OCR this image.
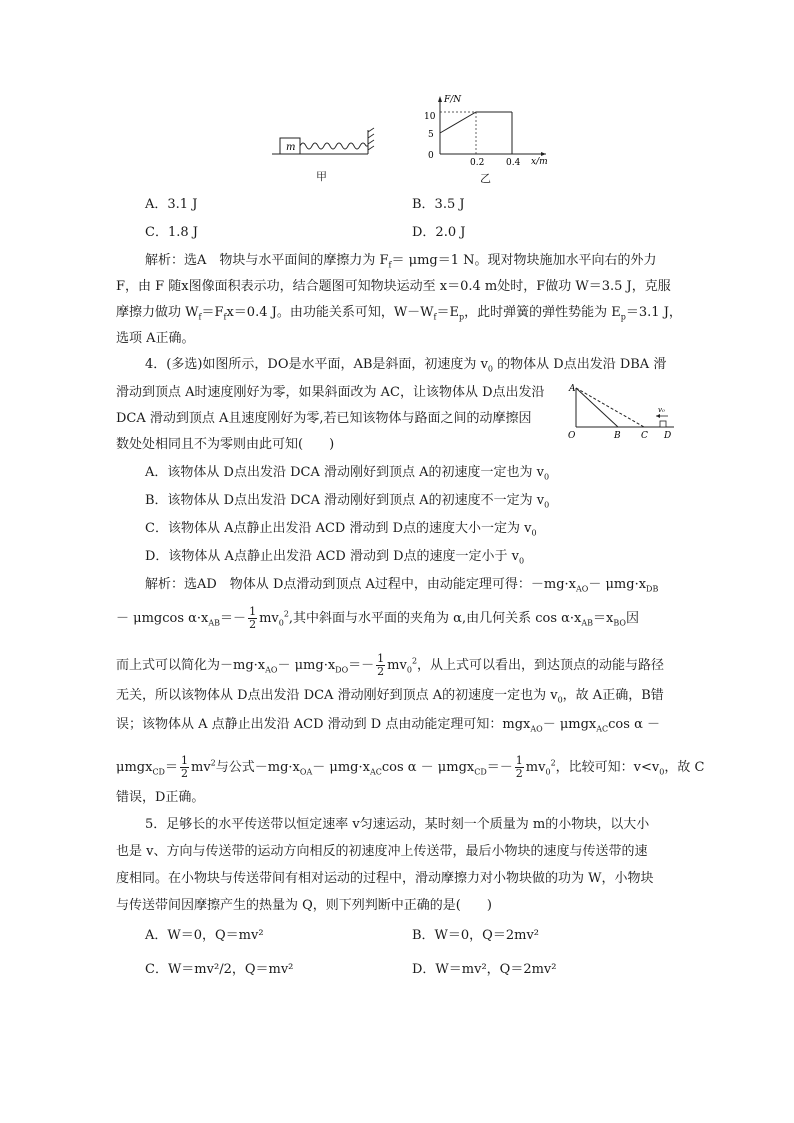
m
甲
F/N
x/m
10
5
0
0.2 0.4
乙
A．3.1 J	B．3.5 J
C．1.8 J	D．2.0 J
解析：选A　物块与水平面间的摩擦力为 $F_f= \mu mg=1$ N。现对物块施加水平向右的外力
F，由 F 随x图像面积表示功，结合题图可知物块运动至 x＝0.4 m处时，F做功 W＝3.5 J，克服
摩擦力做功 $W_f=F_fx=0.4$ J。由功能关系可知，$W-W_f=E_p$，此时弹簧的弹性势能为 $E_p=3.1$ J，
选项 A正确。
4．(多选)如图所示，DO是水平面，AB是斜面，初速度为 $v_0$ 的物体从 D点出发沿 DBA 滑
滑动到顶点 A时速度刚好为零，如果斜面改为 AC，让该物体从 D点出发沿
DCA 滑动到顶点 A且速度刚好为零,若已知该物体与路面之间的动摩擦因
数处处相同且不为零则由此可知(　　)
A
O	B C D
v₀
A．该物体从 D点出发沿 DCA 滑动刚好到顶点 A的初速度一定也为 $v_0$
B．该物体从 D点出发沿 DCA 滑动刚好到顶点 A的初速度不一定为 $v_0$
C．该物体从 A点静止出发沿 ACD 滑动到 D点的速度大小一定为 $v_0$
D．该物体从 A点静止出发沿 ACD 滑动到 D点的速度一定小于 $v_0$
解析：选AD　物体从 D点滑动到顶点 A过程中，由动能定理可得：$-mg\cdot x_{AO}- \mu mg\cdot x_{DB}$
－ μmgcos $\alpha\cdot x_{AB}=- \frac{1}{2} mv_0^2$,其中斜面与水平面的夹角为 α,由几何关系 $\cos \alpha\cdot x_{AB}=x_{BO}$因
而上式可以简化为$-mg\cdot x_{AO}- \mu mg\cdot x_{DO}=- \frac{1}{2} mv_0^2$，从上式可以看出，到达顶点的动能与路径
无关，所以该物体从 D点出发沿 DCA 滑动刚好到顶点 A的初速度一定也为 $v_0$，故 A正确，B错
误；该物体从 A 点静止出发沿 ACD 滑动到 D 点由动能定理可知：mgx$_{AO}$－ μmgx$_{AC}$cos α －
$\mu mgx_{CD}= \frac{1}{2} mv^2$与公式$-mg\cdot x_{OA}- \mu mg\cdot x_{AC}\cos$ $\alpha - \mu mgx_{CD}=- \frac{1}{2} mv_0^2$，比较可知：$v<v_0$，故 C
错误，D正确。
5．足够长的水平传送带以恒定速率 v匀速运动，某时刻一个质量为 m的小物块，以大小
也是 v、方向与传送带的运动方向相反的初速度冲上传送带，最后小物块的速度与传送带的速
度相同。在小物块与传送带间有相对运动的过程中，滑动摩擦力对小物块做的功为 W，小物块
与传送带间因摩擦产生的热量为 Q，则下列判断中正确的是(　　)
A．W＝0，Q＝mv²	B．W＝0，Q＝2mv²
C．W＝mv²/2，Q＝mv²	D．W＝mv²，Q＝2mv²
